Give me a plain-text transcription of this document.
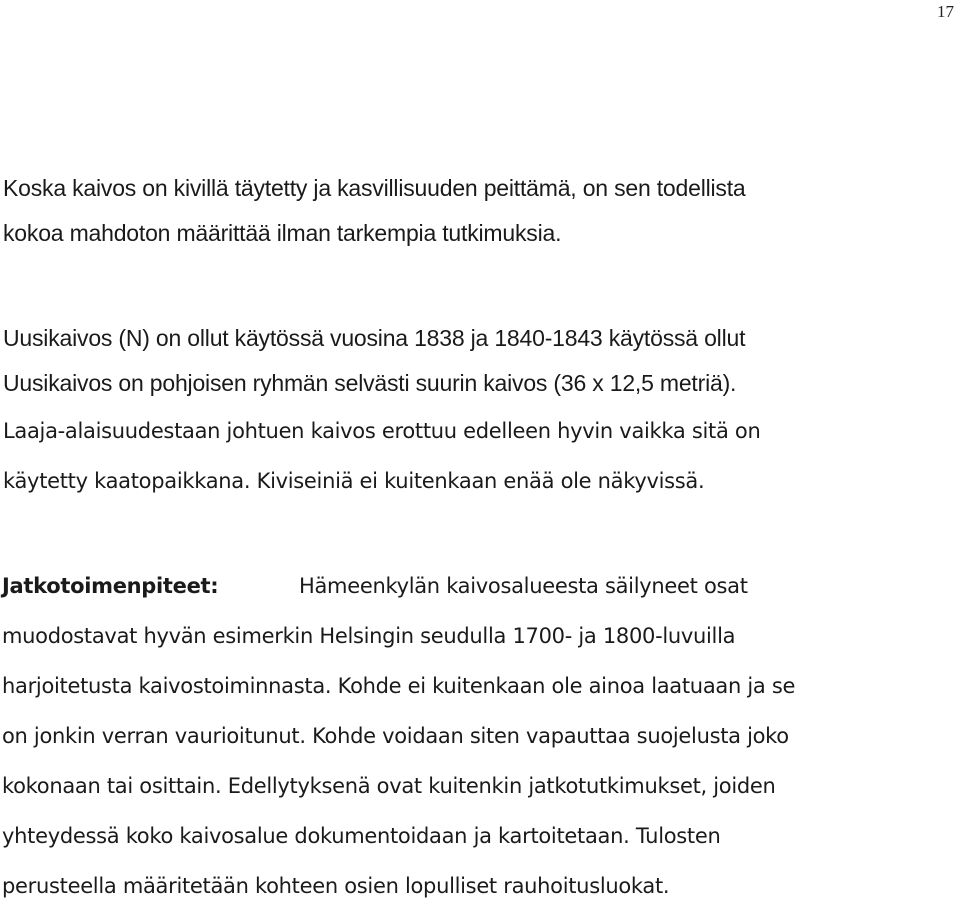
17
Koska kaivos on kivillä täytetty ja kasvillisuuden peittämä, on sen todellista
kokoa mahdoton määrittää ilman tarkempia tutkimuksia.
Uusikaivos (N) on ollut käytössä vuosina 1838 ja 1840-1843 käytössä ollut
Uusikaivos on pohjoisen ryhmän selvästi suurin kaivos (36 x 12,5 metriä).
Laaja-alaisuudestaan johtuen kaivos erottuu edelleen hyvin vaikka sitä on
käytetty kaatopaikkana. Kiviseiniä ei kuitenkaan enää ole näkyvissä.
Jatkotoimenpiteet:	Hämeenkylän kaivosalueesta säilyneet osat
muodostavat hyvän esimerkin Helsingin seudulla 1700- ja 1800-luvuilla
harjoitetusta kaivostoiminnasta. Kohde ei kuitenkaan ole ainoa laatuaan ja se
on jonkin verran vaurioitunut. Kohde voidaan siten vapauttaa suojelusta joko
kokonaan tai osittain. Edellytyksenä ovat kuitenkin jatkotutkimukset, joiden
yhteydessä koko kaivosalue dokumentoidaan ja kartoitetaan. Tulosten
perusteella määritetään kohteen osien lopulliset rauhoitusluokat.
